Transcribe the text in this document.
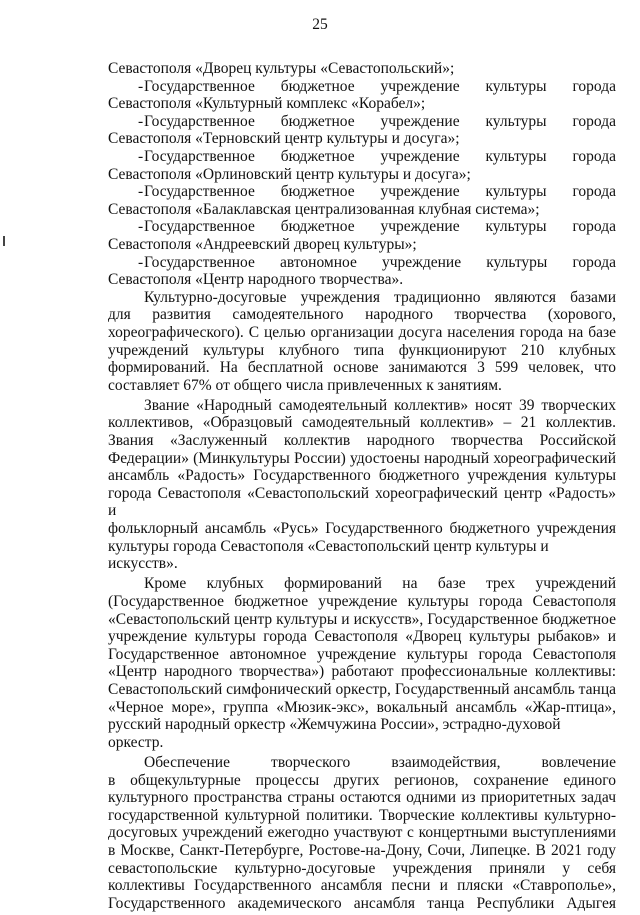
25
Севастополя «Дворец культуры «Севастопольский»;
- Государственное бюджетное учреждение культуры города
Севастополя «Культурный комплекс «Корабел»;
- Государственное бюджетное учреждение культуры города
Севастополя «Терновский центр культуры и досуга»;
- Государственное бюджетное учреждение культуры города
Севастополя «Орлиновский центр культуры и досуга»;
- Государственное бюджетное учреждение культуры города
Севастополя «Балаклавская централизованная клубная система»;
- Государственное бюджетное учреждение культуры города
Севастополя «Андреевский дворец культуры»;
- Государственное автономное учреждение культуры города
Севастополя «Центр народного творчества».
Культурно-досуговые учреждения традиционно являются базами
для развития самодеятельного народного творчества (хорового,
хореографического). С целью организации досуга населения города на базе
учреждений культуры клубного типа функционируют 210 клубных
формирований. На бесплатной основе занимаются 3 599 человек, что
составляет 67% от общего числа привлеченных к занятиям.
Звание «Народный самодеятельный коллектив» носят 39 творческих
коллективов, «Образцовый самодеятельный коллектив» – 21 коллектив.
Звания «Заслуженный коллектив народного творчества Российской
Федерации» (Минкультуры России) удостоены народный хореографический
ансамбль «Радость» Государственного бюджетного учреждения культуры
города Севастополя «Севастопольский хореографический центр «Радость» и
фольклорный ансамбль «Русь» Государственного бюджетного учреждения
культуры города Севастополя «Севастопольский центр культуры и искусств».
Кроме клубных формирований на базе трех учреждений
(Государственное бюджетное учреждение культуры города Севастополя
«Севастопольский центр культуры и искусств», Государственное бюджетное
учреждение культуры города Севастополя «Дворец культуры рыбаков» и
Государственное автономное учреждение культуры города Севастополя
«Центр народного творчества») работают профессиональные коллективы:
Севастопольский симфонический оркестр, Государственный ансамбль танца
«Черное море», группа «Мюзик-экс», вокальный ансамбль «Жар-птица»,
русский народный оркестр «Жемчужина России», эстрадно-духовой оркестр.
Обеспечение творческого взаимодействия, вовлечение
в общекультурные процессы других регионов, сохранение единого
культурного пространства страны остаются одними из приоритетных задач
государственной культурной политики. Творческие коллективы культурно-
досуговых учреждений ежегодно участвуют с концертными выступлениями
в Москве, Санкт-Петербурге, Ростове-на-Дону, Сочи, Липецке. В 2021 году
севастопольские культурно-досуговые учреждения приняли у себя
коллективы Государственного ансамбля песни и пляски «Ставрополье»,
Государственного академического ансамбля танца Республики Адыгея
